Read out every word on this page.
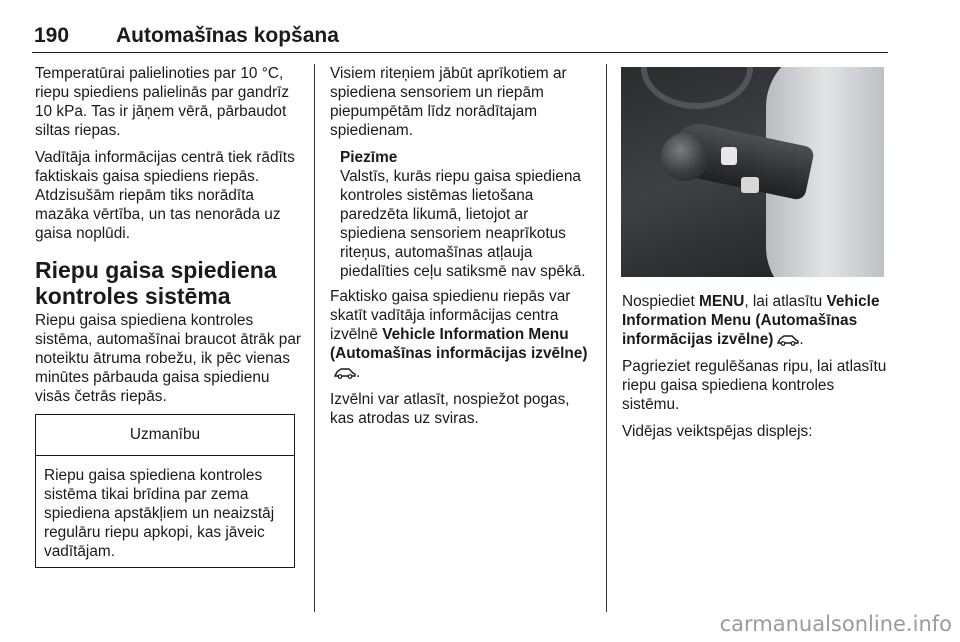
190 Automašīnas kopšana

Temperatūrai palielinoties par 10 °C, riepu spiediens palielinās par gandrīz 10 kPa. Tas ir jāņem vērā, pārbaudot siltas riepas.

Vadītāja informācijas centrā tiek rādīts faktiskais gaisa spiediens riepās. Atdzisušām riepām tiks norādīta mazāka vērtība, un tas nenorāda uz gaisa noplūdi.

Riepu gaisa spiediena kontroles sistēma

Riepu gaisa spiediena kontroles sistēma, automašīnai braucot ātrāk par noteiktu ātruma robežu, ik pēc vienas minūtes pārbauda gaisa spiedienu visās četrās riepās.

Uzmanību

Riepu gaisa spiediena kontroles sistēma tikai brīdina par zema spiediena apstākļiem un neaizstāj regulāru riepu apkopi, kas jāveic vadītājam.

Visiem riteņiem jābūt aprīkotiem ar spiediena sensoriem un riepām piepumpētām līdz norādītajam spiedienam.

Piezīme

Valstīs, kurās riepu gaisa spiediena kontroles sistēmas lietošana paredzēta likumā, lietojot ar spiediena sensoriem neaprīkotus riteņus, automašīnas atļauja piedalīties ceļu satiksmē nav spēkā.

Faktisko gaisa spiedienu riepās var skatīt vadītāja informācijas centra izvēlnē Vehicle Information Menu (Automašīnas informācijas izvēlne).

Izvēlni var atlasīt, nospiežot pogas, kas atrodas uz sviras.

Nospiediet MENU, lai atlasītu Vehicle Information Menu (Automašīnas informācijas izvēlne) .

Pagrieziet regulēšanas ripu, lai atlasītu riepu gaisa spiediena kontroles sistēmu.

Vidējas veiktspējas displejs:

carmanualsonline.info
